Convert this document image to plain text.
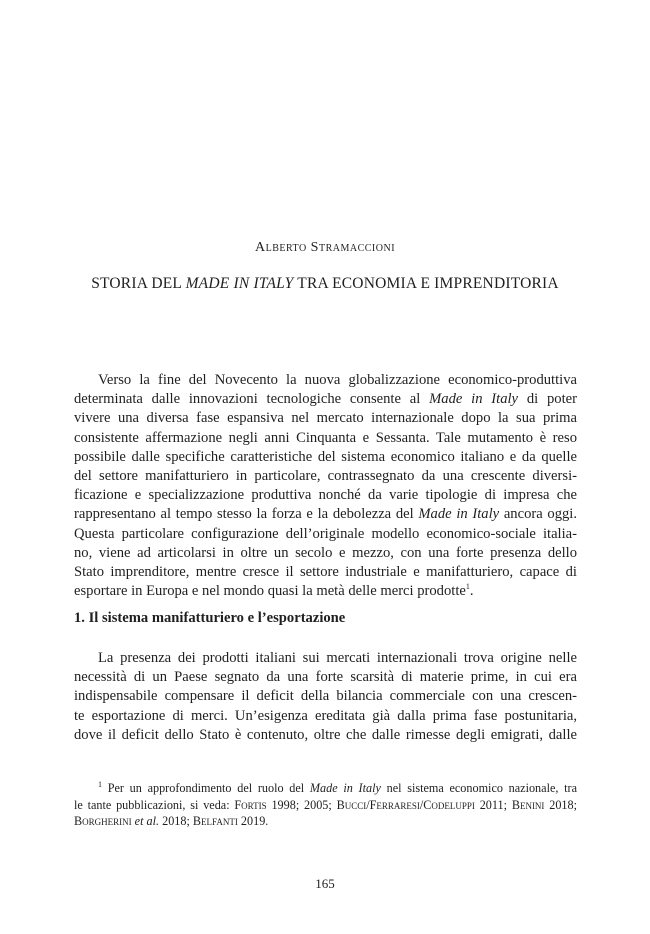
Alberto Stramaccioni
STORIA DEL MADE IN ITALY TRA ECONOMIA E IMPRENDITORIA
Verso la fine del Novecento la nuova globalizzazione economico-produttiva
determinata dalle innovazioni tecnologiche consente al Made in Italy di poter
vivere una diversa fase espansiva nel mercato internazionale dopo la sua prima
consistente affermazione negli anni Cinquanta e Sessanta. Tale mutamento è reso
possibile dalle specifiche caratteristiche del sistema economico italiano e da quelle
del settore manifatturiero in particolare, contrassegnato da una crescente diversi-
ficazione e specializzazione produttiva nonché da varie tipologie di impresa che
rappresentano al tempo stesso la forza e la debolezza del Made in Italy ancora oggi.
Questa particolare configurazione dell’originale modello economico-sociale italia-
no, viene ad articolarsi in oltre un secolo e mezzo, con una forte presenza dello
Stato imprenditore, mentre cresce il settore industriale e manifatturiero, capace di
esportare in Europa e nel mondo quasi la metà delle merci prodotte$^1$.
1. Il sistema manifatturiero e l’esportazione
La presenza dei prodotti italiani sui mercati internazionali trova origine nelle
necessità di un Paese segnato da una forte scarsità di materie prime, in cui era
indispensabile compensare il deficit della bilancia commerciale con una crescen-
te esportazione di merci. Un’esigenza ereditata già dalla prima fase postunitaria,
dove il deficit dello Stato è contenuto, oltre che dalle rimesse degli emigrati, dalle
$^1$ Per un approfondimento del ruolo del Made in Italy nel sistema economico nazionale, tra
le tante pubblicazioni, si veda: Fortis 1998; 2005; Bucci/Ferraresi/Codeluppi 2011; Benini 2018;
Borgherini et al. 2018; Belfanti 2019.
165
